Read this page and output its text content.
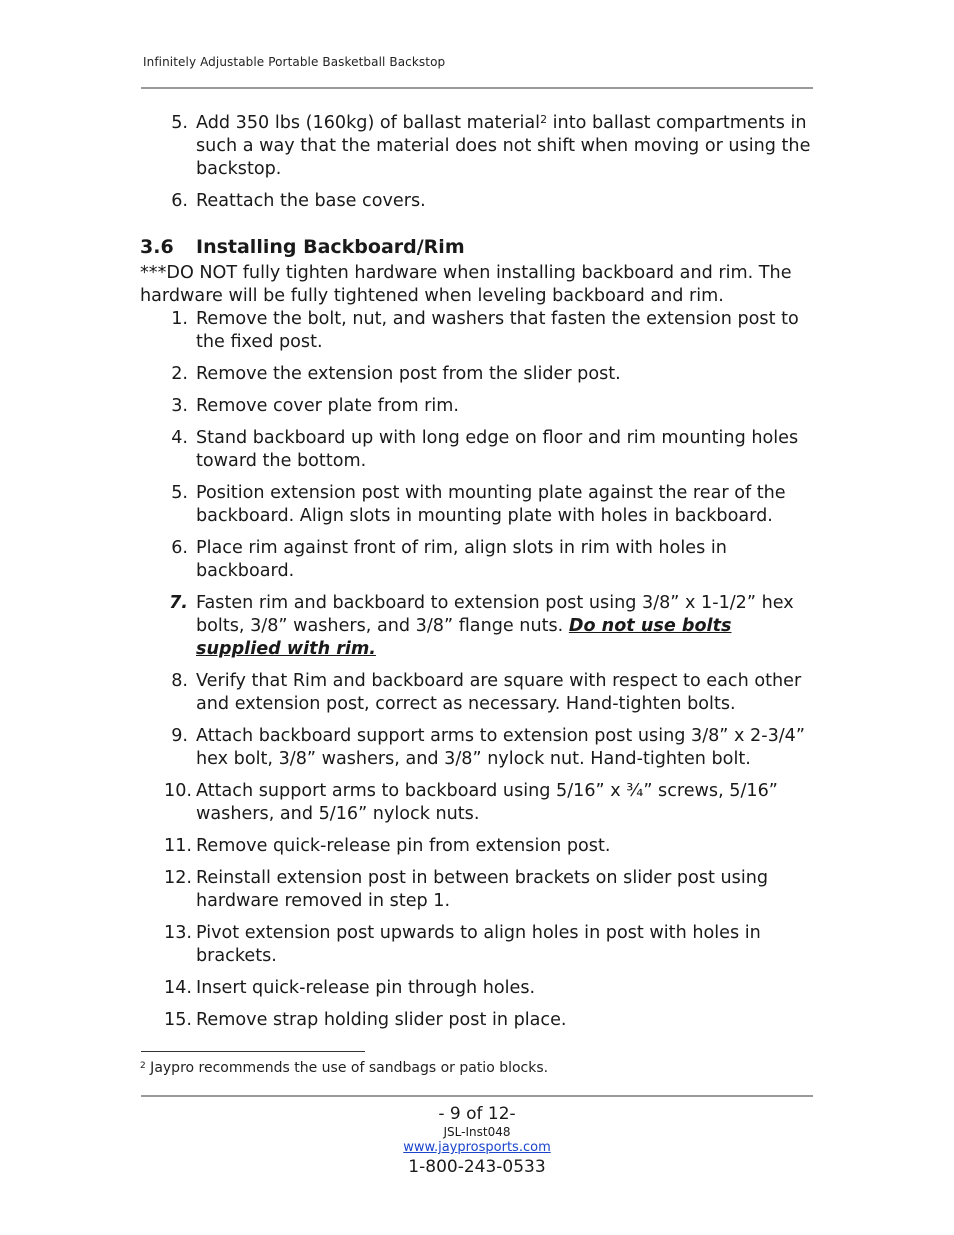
Infinitely Adjustable Portable Basketball Backstop
5. Add 350 lbs (160kg) of ballast material$^2$ into ballast compartments in such a way that the material does not shift when moving or using the backstop.
6. Reattach the base covers.
3.6 Installing Backboard/Rim

***DO NOT fully tighten hardware when installing backboard and rim. The hardware will be fully tightened when leveling backboard and rim.

1. Remove the bolt, nut, and washers that fasten the extension post to the fixed post.
2. Remove the extension post from the slider post.
3. Remove cover plate from rim.
4. Stand backboard up with long edge on floor and rim mounting holes toward the bottom.
5. Position extension post with mounting plate against the rear of the backboard. Align slots in mounting plate with holes in backboard.
6. Place rim against front of rim, align slots in rim with holes in backboard.
7. Fasten rim and backboard to extension post using 3/8” x 1-1/2” hex bolts, 3/8” washers, and 3/8” flange nuts. Do not use bolts supplied with rim.
8. Verify that Rim and backboard are square with respect to each other and extension post, correct as necessary. Hand-tighten bolts.
9. Attach backboard support arms to extension post using 3/8” x 2-3/4” hex bolt, 3/8” washers, and 3/8” nylock nut. Hand-tighten bolt.
10. Attach support arms to backboard using 5/16” x ¾” screws, 5/16” washers, and 5/16” nylock nuts.
11. Remove quick-release pin from extension post.
12. Reinstall extension post in between brackets on slider post using hardware removed in step 1.
13. Pivot extension post upwards to align holes in post with holes in brackets.
14. Insert quick-release pin through holes.
15. Remove strap holding slider post in place.
$^2$ Jaypro recommends the use of sandbags or patio blocks.
- 9 of 12-
JSL-Inst048
www.jayprosports.com
1-800-243-0533
